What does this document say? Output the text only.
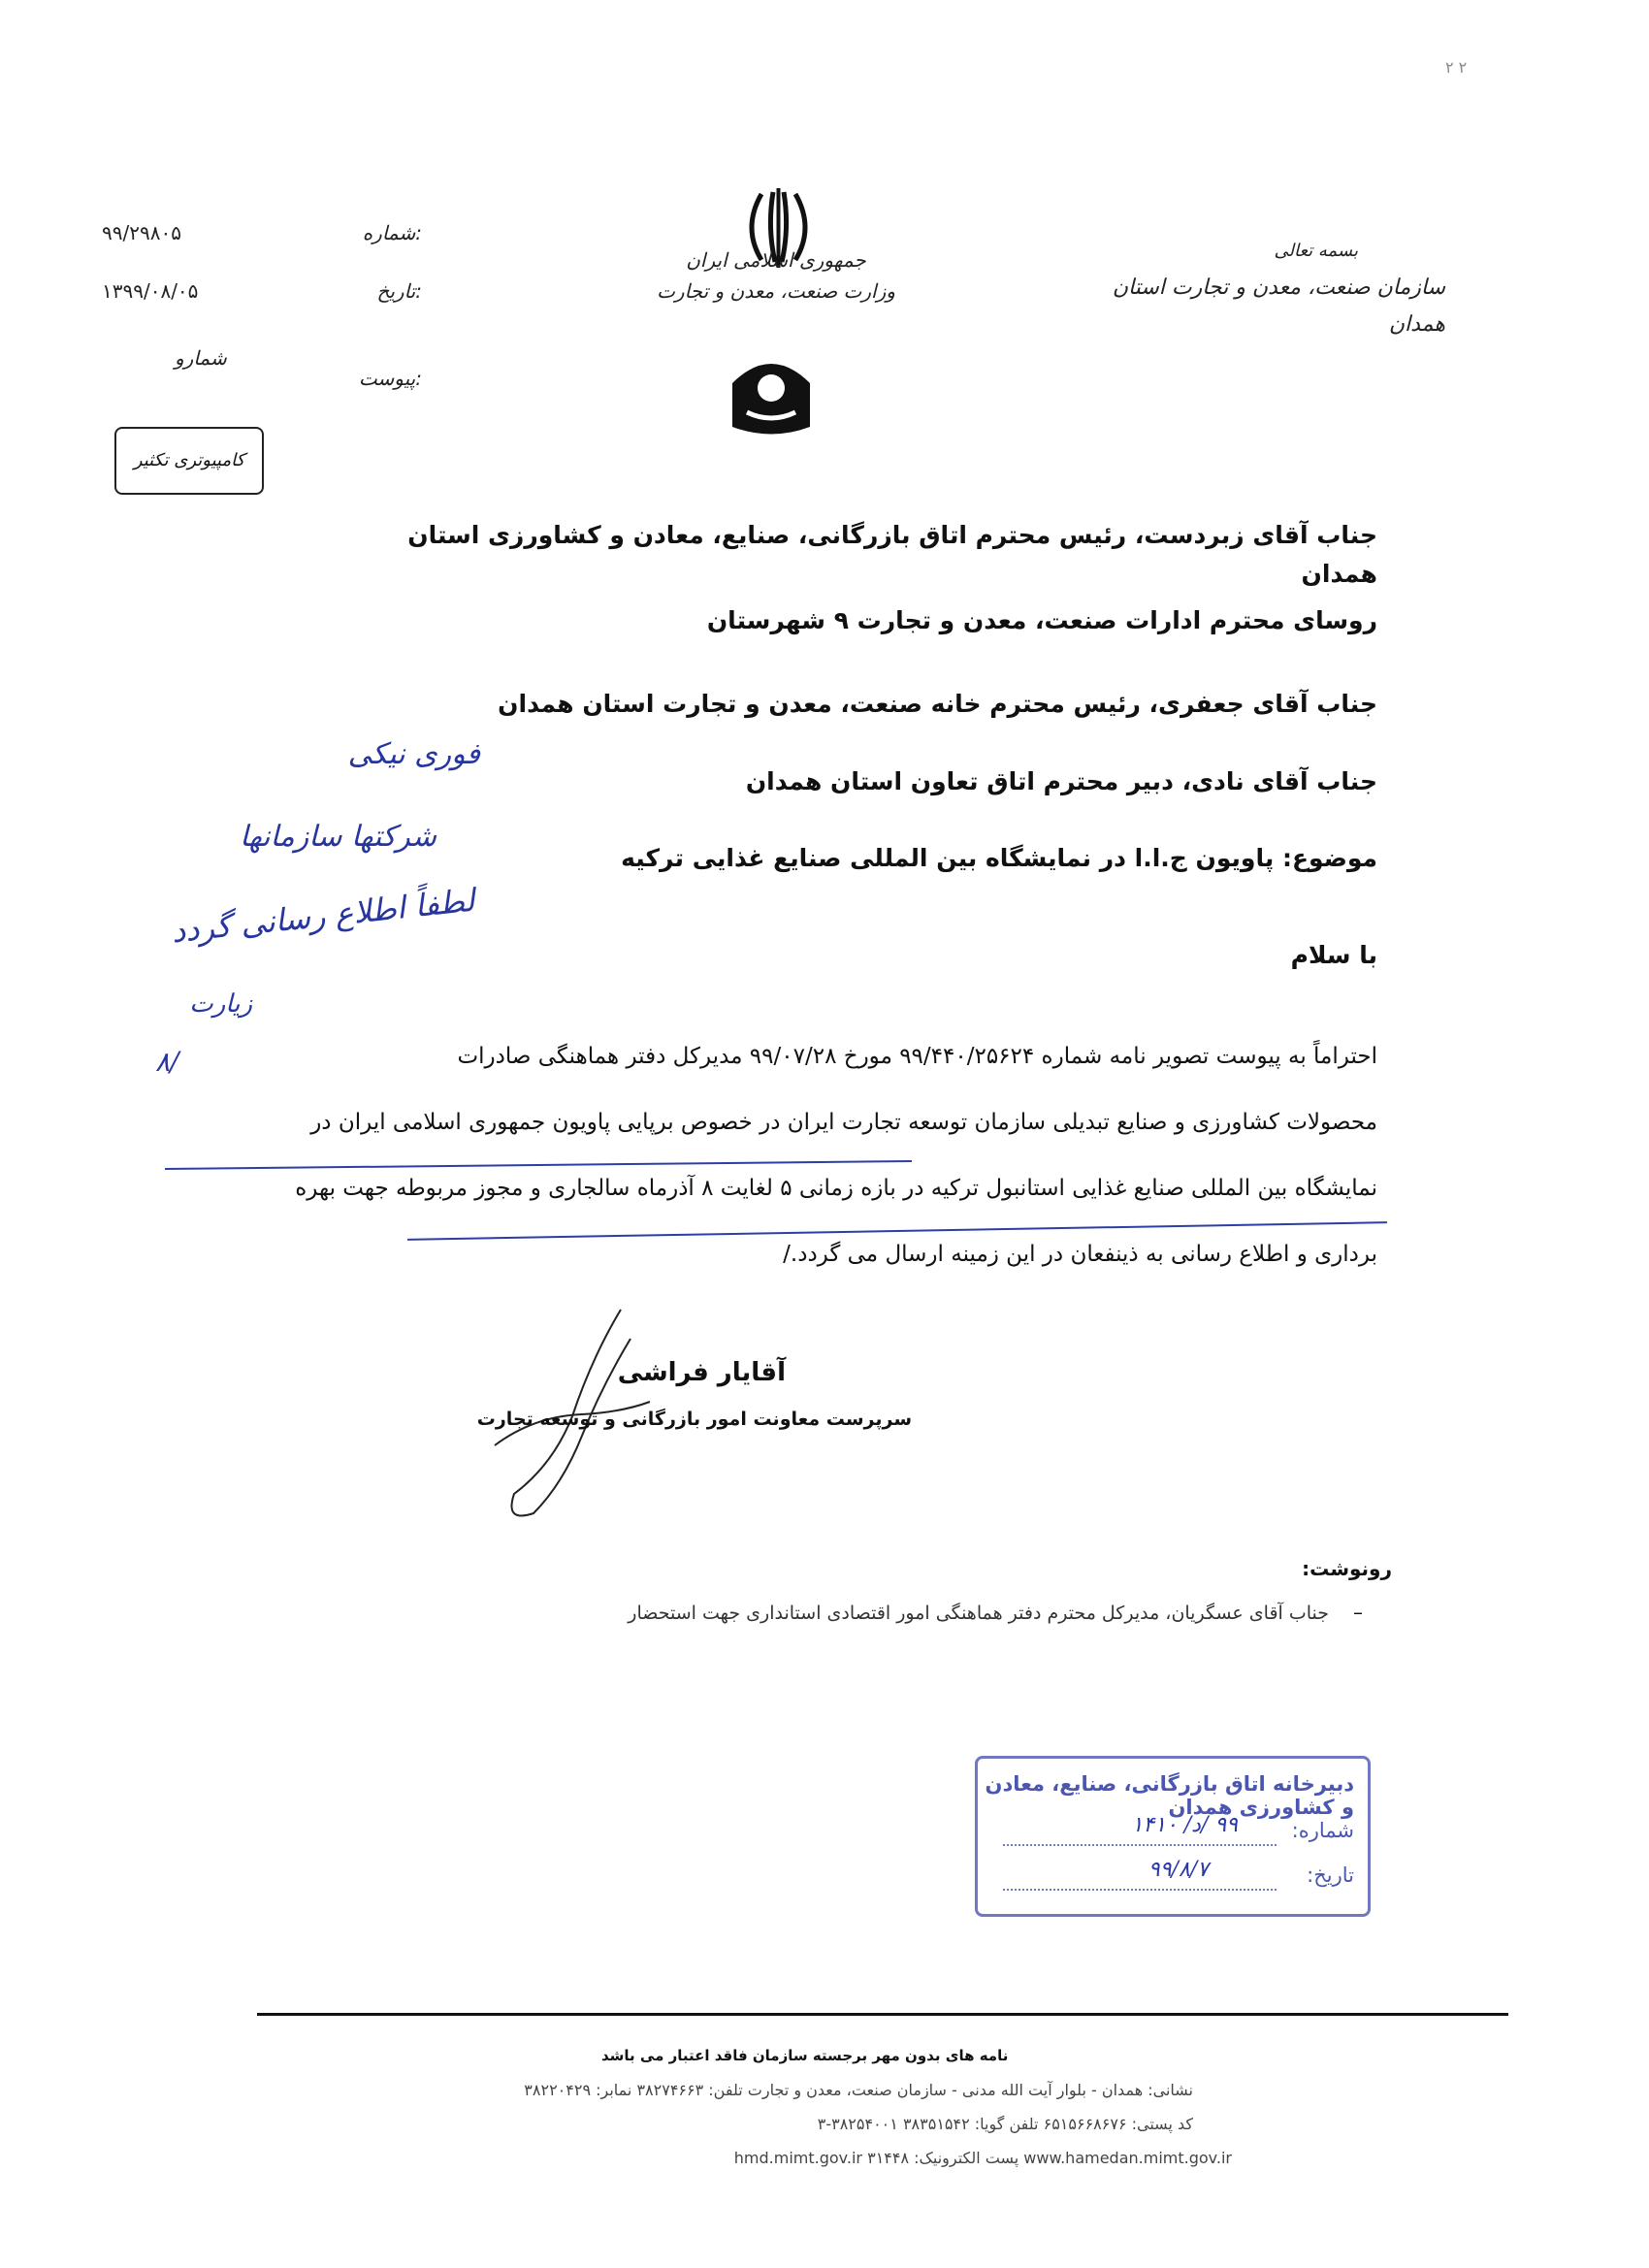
جمهوری اسلامی ایران
وزارت صنعت، معدن و تجارت
بسمه تعالی
سازمان صنعت، معدن و تجارت استان همدان
۹۹/۲۹۸۰۵	شماره:
۱۳۹۹/۰۸/۰۵	تاریخ:
پیوست:
شمارو
کامپیوتری تکثیر
جناب آقای زبردست، رئیس محترم اتاق بازرگانی، صنایع، معادن و کشاورزی استان همدان
روسای محترم ادارات صنعت، معدن و تجارت ۹ شهرستان
جناب آقای جعفری، رئیس محترم خانه صنعت، معدن و تجارت استان همدان
جناب آقای نادی، دبیر محترم اتاق تعاون استان همدان
موضوع: پاویون ج.ا.ا در نمایشگاه بین المللی صنایع غذایی ترکیه
با سلام
فوری نیکی
شرکتها سازمانها
لطفاً اطلاع رسانی گردد
زیارت
۸/	احتراماً به پیوست تصویر نامه شماره ۹۹/۴۴۰/۲۵۶۲۴ مورخ ۹۹/۰۷/۲۸ مدیرکل دفتر هماهنگی صادرات
محصولات کشاورزی و صنایع تبدیلی سازمان توسعه تجارت ایران در خصوص برپایی پاویون جمهوری اسلامی ایران در
نمایشگاه بین المللی صنایع غذایی استانبول ترکیه در بازه زمانی ۵ لغایت ۸ آذرماه سالجاری و مجوز مربوطه جهت بهره
برداری و اطلاع رسانی به ذینفعان در این زمینه ارسال می گردد./
آقایار فراشی
سرپرست معاونت امور بازرگانی و توسعه تجارت
رونوشت:
–
جناب آقای عسگریان، مدیرکل محترم دفتر هماهنگی امور اقتصادی استانداری جهت استحضار
دبیرخانه اتاق بازرگانی، صنایع، معادن و کشاورزی همدان
شماره:
۹۹ /د/ ۱۴۱۰
تاریخ:
۹۹/۸/۷
نامه های بدون مهر برجسته سازمان فاقد اعتبار می باشد
نشانی: همدان - بلوار آیت الله مدنی - سازمان صنعت، معدن و تجارت تلفن: ۳۸۲۷۴۶۶۳ نمابر: ۳۸۲۲۰۴۲۹
کد پستی: ۶۵۱۵۶۶۸۶۷۶ تلفن گویا: ۳۸۳۵۱۵۴۲ ۳۸۲۵۴۰۰۱-۳
www.hamedan.mimt.gov.ir پست الکترونیک: hmd.mimt.gov.ir ۳۱۴۴۸
۲ ۲
